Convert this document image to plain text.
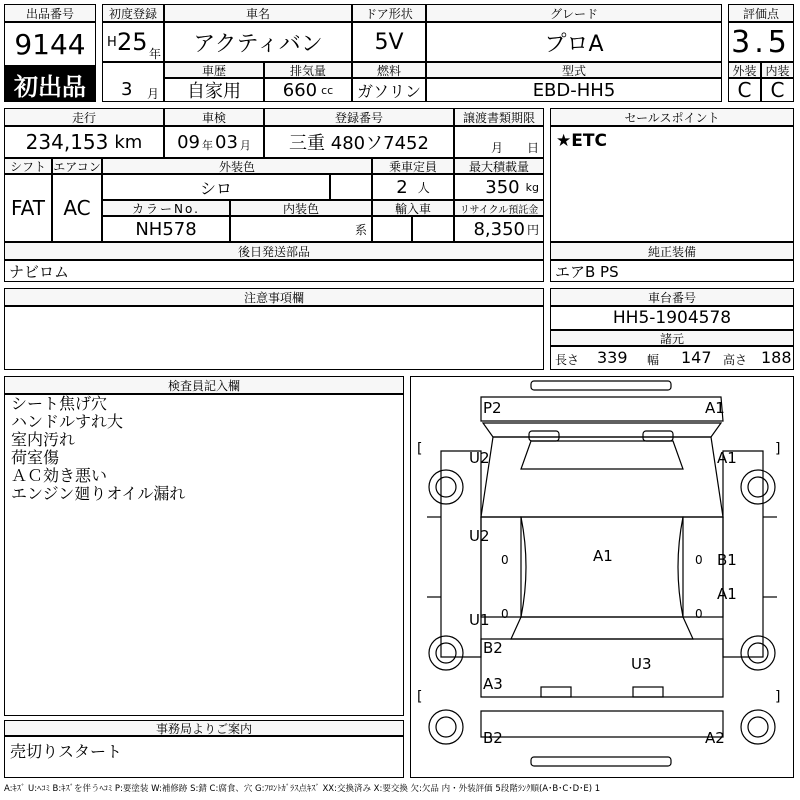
出品番号
9144
初出品
初度登録
H 25 年
車名
アクティバン
ドア形状
5V
グレード
プロA
3 月
車歴
自家用
排気量
660 cc
燃料
ガソリン
型式
EBD-HH5
評価点
3.5
外装 内装
C C
走行
234,153 km
車検
09 年 03 月
登録番号
三重 480ソ7452
譲渡書類期限
月 日
シフト
FAT
エアコン
AC
外装色
シロ
乗車定員
2 人
最大積載量
350 kg
カラーNo.
NH578
内装色
系
輸入車	リサイクル預託金
8,350 円
セールスポイント
★ETC
後日発送部品
ナビロム
純正装備
エアB PS
注意事項欄	車台番号
HH5-1904578
諸元
長さ 339 幅 147 高さ 188
検査員記入欄
シート焦げ穴
ハンドルすれ大
室内汚れ
荷室傷
ＡＣ効き悪い
エンジン廻りオイル漏れ
事務局よりご案内
売切りスタート
[
[
]
]
P2	A1
U2	A1
U2
A1	B1
A1
U1
B2
A3
U3
B2	A2
0
0
0
0
A:ｷｽﾞ U:ﾍｺﾐ B:ｷｽﾞを伴うﾍｺﾐ P:要塗装 W:補修跡 S:錆 C:腐食、穴 G:ﾌﾛﾝﾄｶﾞﾗｽ点ｷｽﾞ XX:交換済み X:要交換 欠:欠品 内・外装評価 5段階ﾗﾝｸ順(A･B･C･D･E) 1
